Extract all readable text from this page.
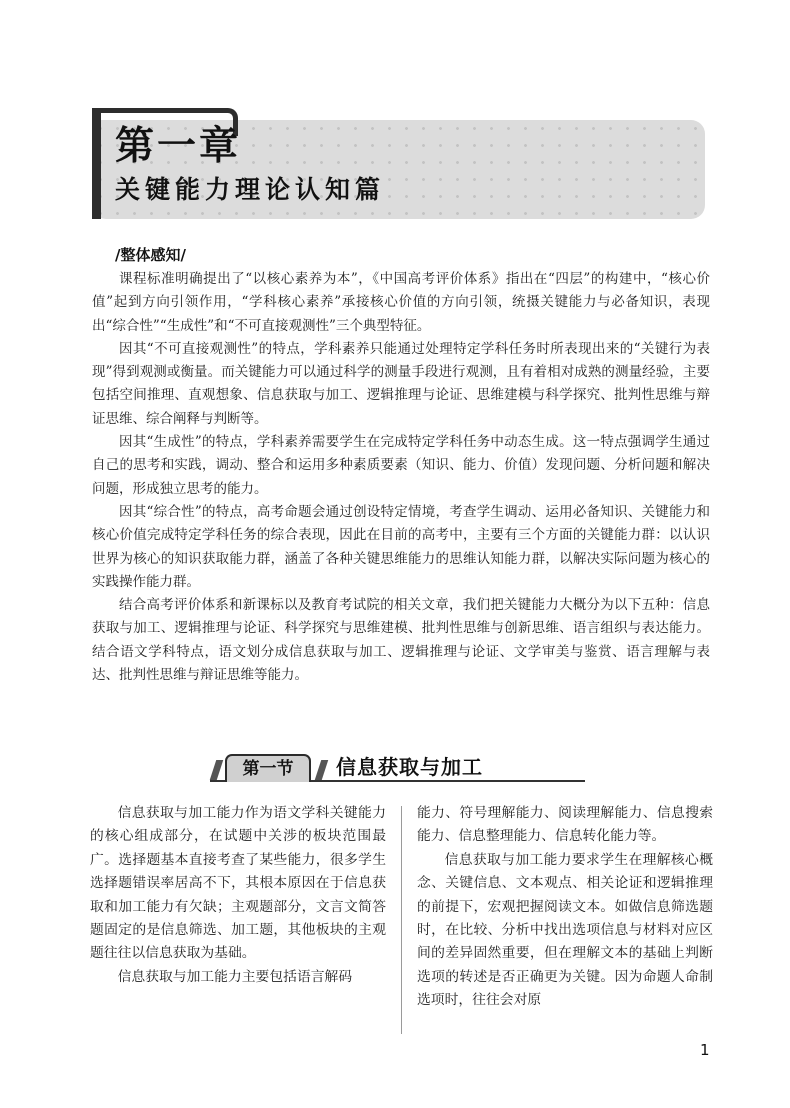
第一章
关键能力理论认知篇
/整体感知/

课程标准明确提出了“以核心素养为本”，《中国高考评价体系》指出在“四层”的构建中，“核心价值”起到方向引领作用，“学科核心素养”承接核心价值的方向引领，统摄关键能力与必备知识，表现出“综合性”“生成性”和“不可直接观测性”三个典型特征。

因其“不可直接观测性”的特点，学科素养只能通过处理特定学科任务时所表现出来的“关键行为表现”得到观测或衡量。而关键能力可以通过科学的测量手段进行观测，且有着相对成熟的测量经验，主要包括空间推理、直观想象、信息获取与加工、逻辑推理与论证、思维建模与科学探究、批判性思维与辩证思维、综合阐释与判断等。

因其“生成性”的特点，学科素养需要学生在完成特定学科任务中动态生成。这一特点强调学生通过自己的思考和实践，调动、整合和运用多种素质要素（知识、能力、价值）发现问题、分析问题和解决问题，形成独立思考的能力。

因其“综合性”的特点，高考命题会通过创设特定情境，考查学生调动、运用必备知识、关键能力和核心价值完成特定学科任务的综合表现，因此在目前的高考中，主要有三个方面的关键能力群：以认识世界为核心的知识获取能力群，涵盖了各种关键思维能力的思维认知能力群，以解决实际问题为核心的实践操作能力群。

结合高考评价体系和新课标以及教育考试院的相关文章，我们把关键能力大概分为以下五种：信息获取与加工、逻辑推理与论证、科学探究与思维建模、批判性思维与创新思维、语言组织与表达能力。结合语文学科特点，语文划分成信息获取与加工、逻辑推理与论证、文学审美与鉴赏、语言理解与表达、批判性思维与辩证思维等能力。

第一节	信息获取与加工

信息获取与加工能力作为语文学科关键能力的核心组成部分，在试题中关涉的板块范围最广。选择题基本直接考查了某些能力，很多学生选择题错误率居高不下，其根本原因在于信息获取和加工能力有欠缺；主观题部分，文言文简答题固定的是信息筛选、加工题，其他板块的主观题往往以信息获取为基础。

信息获取与加工能力主要包括语言解码

能力、符号理解能力、阅读理解能力、信息搜索能力、信息整理能力、信息转化能力等。

信息获取与加工能力要求学生在理解核心概念、关键信息、文本观点、相关论证和逻辑推理的前提下，宏观把握阅读文本。如做信息筛选题时，在比较、分析中找出选项信息与材料对应区间的差异固然重要，但在理解文本的基础上判断选项的转述是否正确更为关键。因为命题人命制选项时，往往会对原

1
